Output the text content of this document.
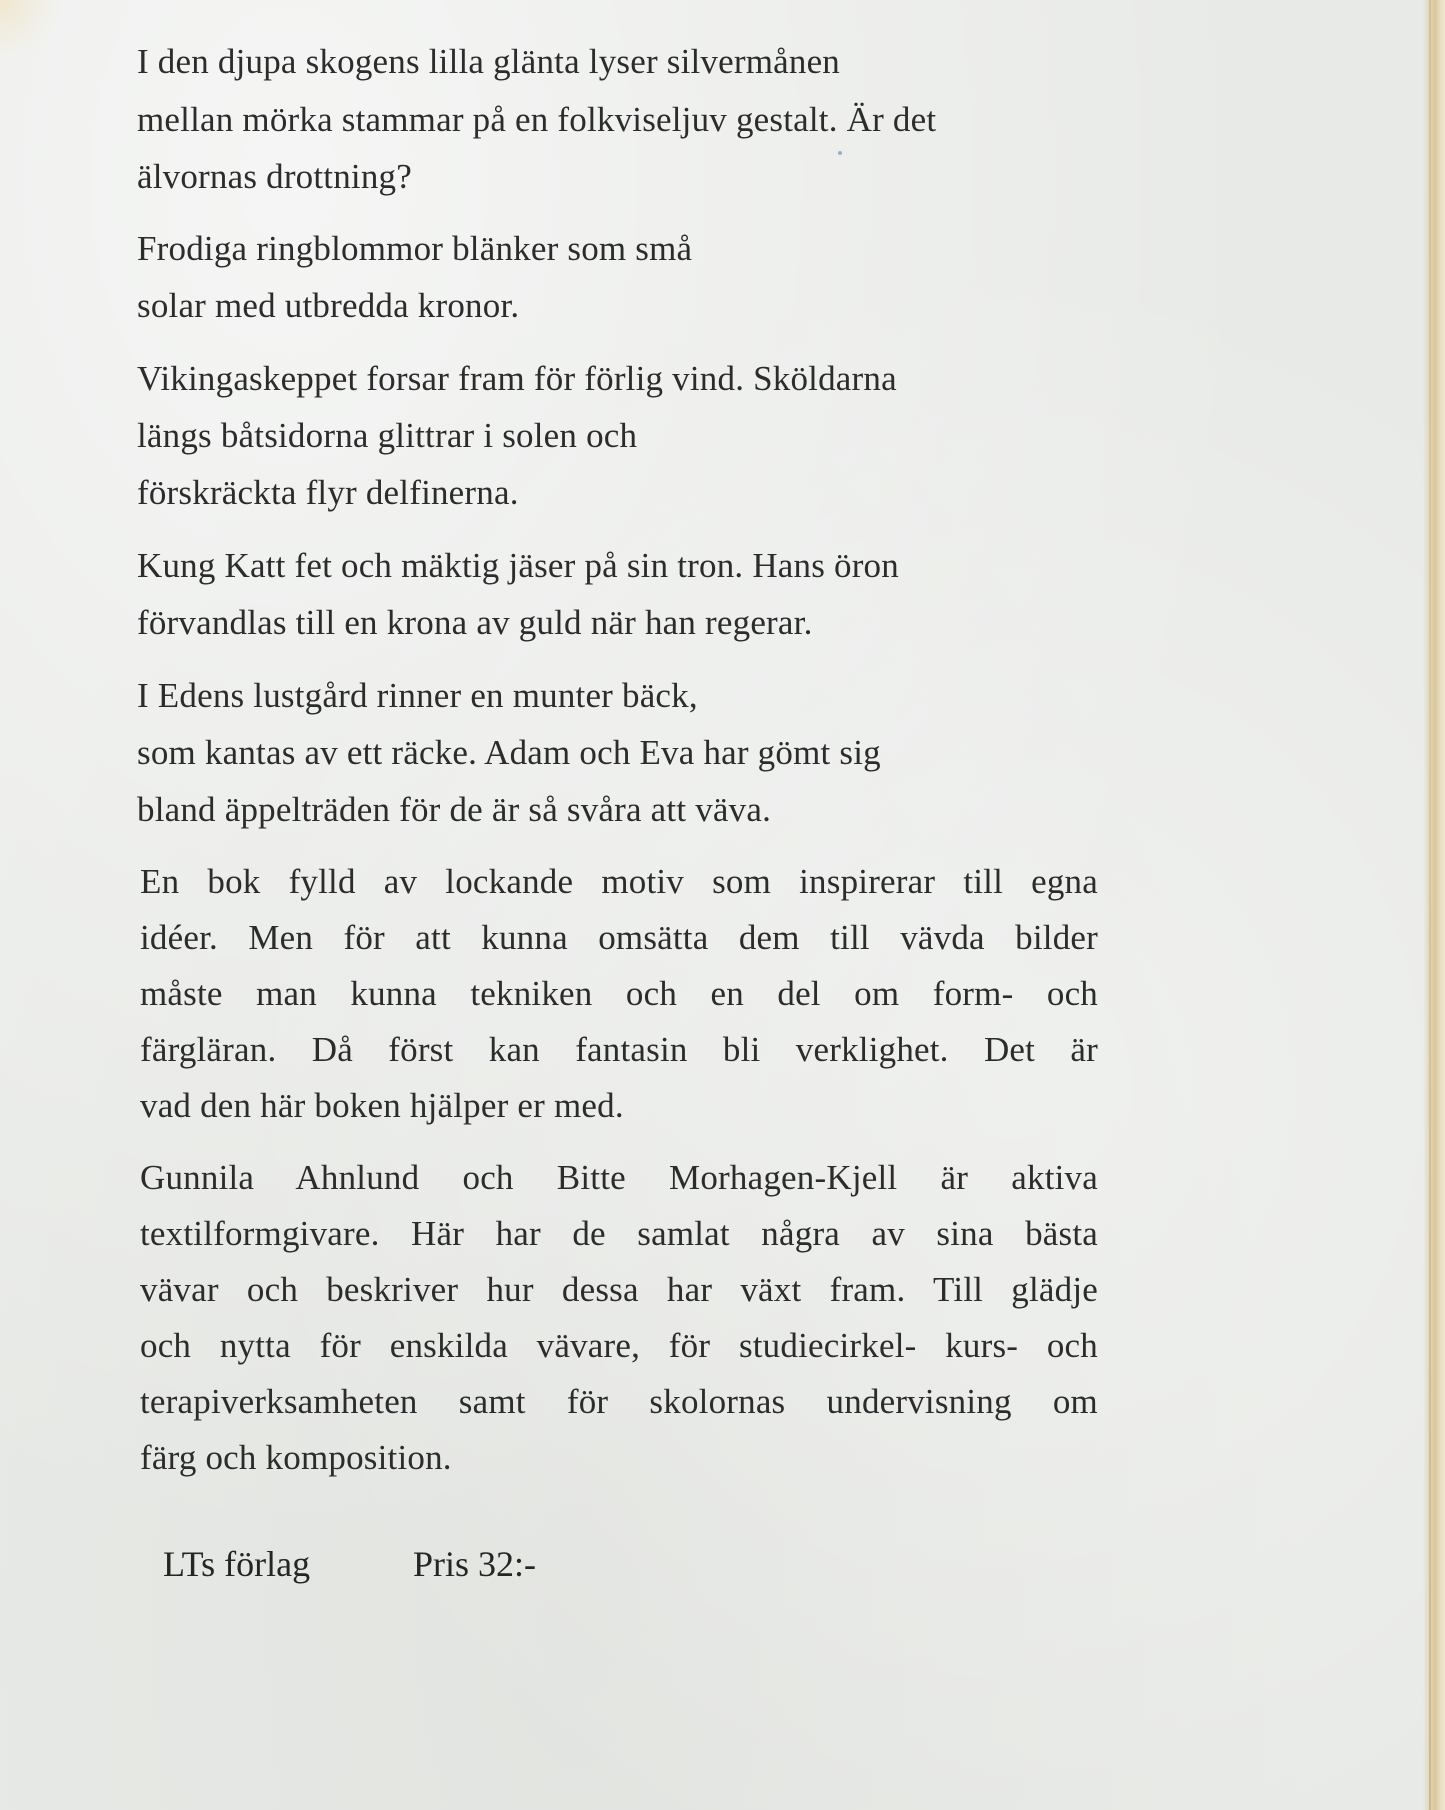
I den djupa skogens lilla glänta lyser silvermånen
mellan mörka stammar på en folkviseljuv gestalt. Är det
älvornas drottning?
Frodiga ringblommor blänker som små
solar med utbredda kronor.
Vikingaskeppet forsar fram för förlig vind. Sköldarna
längs båtsidorna glittrar i solen och
förskräckta flyr delfinerna.
Kung Katt fet och mäktig jäser på sin tron. Hans öron
förvandlas till en krona av guld när han regerar.
I Edens lustgård rinner en munter bäck,
som kantas av ett räcke. Adam och Eva har gömt sig
bland äppelträden för de är så svåra att väva.
En bok fylld av lockande motiv som inspirerar till egna
idéer. Men för att kunna omsätta dem till vävda bilder
måste man kunna tekniken och en del om form- och
färgläran. Då först kan fantasin bli verklighet. Det är
vad den här boken hjälper er med.
Gunnila Ahnlund och Bitte Morhagen-Kjell är aktiva
textilformgivare. Här har de samlat några av sina bästa
vävar och beskriver hur dessa har växt fram. Till glädje
och nytta för enskilda vävare, för studiecirkel- kurs- och
terapiverksamheten samt för skolornas undervisning om
färg och komposition.
LTs förlag	Pris 32:-
